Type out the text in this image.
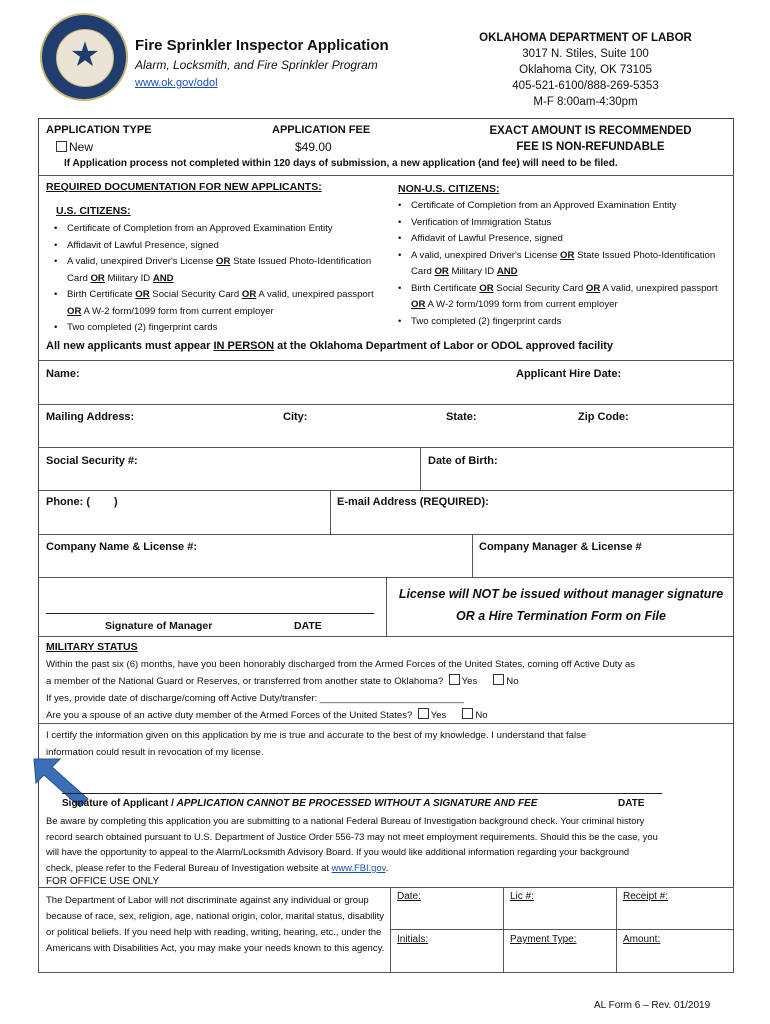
★	Fire Sprinkler Inspector Application
Alarm, Locksmith, and Fire Sprinkler Program
www.ok.gov/odol
OKLAHOMA DEPARTMENT OF LABOR
3017 N. Stiles, Suite 100
Oklahoma City, OK 73105
405-521-6100/888-269-5353
M-F 8:00am-4:30pm
APPLICATION TYPE
New
APPLICATION FEE
$49.00
EXACT AMOUNT IS RECOMMENDED
FEE IS NON-REFUNDABLE
If Application process not completed within 120 days of submission, a new application (and fee) will need to be filed.
REQUIRED DOCUMENTATION FOR NEW APPLICANTS:
U.S. CITIZENS:
• Certificate of Completion from an Approved Examination Entity
• Affidavit of Lawful Presence, signed
• A valid, unexpired Driver's License OR State Issued Photo-Identification Card OR Military ID AND
• Birth Certificate OR Social Security Card OR A valid, unexpired passport OR A W-2 form/1099 form from current employer
• Two completed (2) fingerprint cards
NON-U.S. CITIZENS:
• Certificate of Completion from an Approved Examination Entity
• Verification of Immigration Status
• Affidavit of Lawful Presence, signed
• A valid, unexpired Driver's License OR State Issued Photo-Identification Card OR Military ID AND
• Birth Certificate OR Social Security Card OR A valid, unexpired passport OR A W-2 form/1099 form from current employer
• Two completed (2) fingerprint cards
All new applicants must appear IN PERSON at the Oklahoma Department of Labor or ODOL approved facility
Name:	Applicant Hire Date:
Mailing Address:	City:	State:	Zip Code:
Social Security #:	Date of Birth:
Phone: ( )	E-mail Address (REQUIRED):
Company Name & License #:	Company Manager & License #
Signature of Manager	DATE
License will NOT be issued without manager signature
OR a Hire Termination Form on File
MILITARY STATUS
Within the past six (6) months, have you been honorably discharged from the Armed Forces of the United States, coming off Active Duty as
a member of the National Guard or Reserves, or transferred from another state to Oklahoma? Yes	No
If yes, provide date of discharge/coming off Active Duty/transfer: ___________________________
Are you a spouse of an active duty member of the Armed Forces of the United States? Yes	No
I certify the information given on this application by me is true and accurate to the best of my knowledge. I understand that false
information could result in revocation of my license.
Signature of Applicant / APPLICATION CANNOT BE PROCESSED WITHOUT A SIGNATURE AND FEE	DATE
Be aware by completing this application you are submitting to a national Federal Bureau of Investigation background check. Your criminal history
record search obtained pursuant to U.S. Department of Justice Order 556-73 may not meet employment requirements. Should this be the case, you
will have the opportunity to appeal to the Alarm/Locksmith Advisory Board. If you would like additional information regarding your background
check, please refer to the Federal Bureau of Investigation website at www.FBI.gov.
FOR OFFICE USE ONLY
The Department of Labor will not discriminate against any individual or group because of race, sex, religion, age, national origin, color, marital status, disability or political beliefs. If you need help with reading, writing, hearing, etc., under the Americans with Disabilities Act, you may make your needs known to this agency.
Date:	Lic #:	Receipt #:
Initials:	Payment Type:	Amount:
AL Form 6 – Rev. 01/2019
